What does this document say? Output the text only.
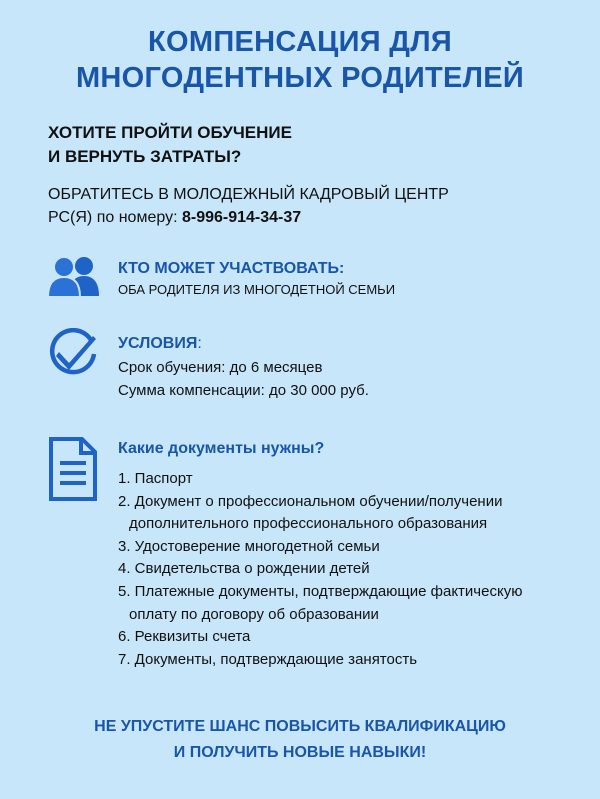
КОМПЕНСАЦИЯ ДЛЯ
МНОГОДЕНТНЫХ РОДИТЕЛЕЙ
ХОТИТЕ ПРОЙТИ ОБУЧЕНИЕ
И ВЕРНУТЬ ЗАТРАТЫ?
ОБРАТИТЕСЬ В МОЛОДЕЖНЫЙ КАДРОВЫЙ ЦЕНТР
РС(Я) по номеру: 8-996-914-34-37
КТО МОЖЕТ УЧАСТВОВАТЬ:
ОБА РОДИТЕЛЯ ИЗ МНОГОДЕТНОЙ СЕМЬИ
УСЛОВИЯ:
Срок обучения: до 6 месяцев
Сумма компенсации: до 30 000 руб.
Какие документы нужны?
1. Паспорт
2. Документ о профессиональном обучении/получении
дополнительного профессионального образования
3. Удостоверение многодетной семьи
4. Свидетельства о рождении детей
5. Платежные документы, подтверждающие фактическую
оплату по договору об образовании
6. Реквизиты счета
7. Документы, подтверждающие занятость
НЕ УПУСТИТЕ ШАНС ПОВЫСИТЬ КВАЛИФИКАЦИЮ
И ПОЛУЧИТЬ НОВЫЕ НАВЫКИ!
